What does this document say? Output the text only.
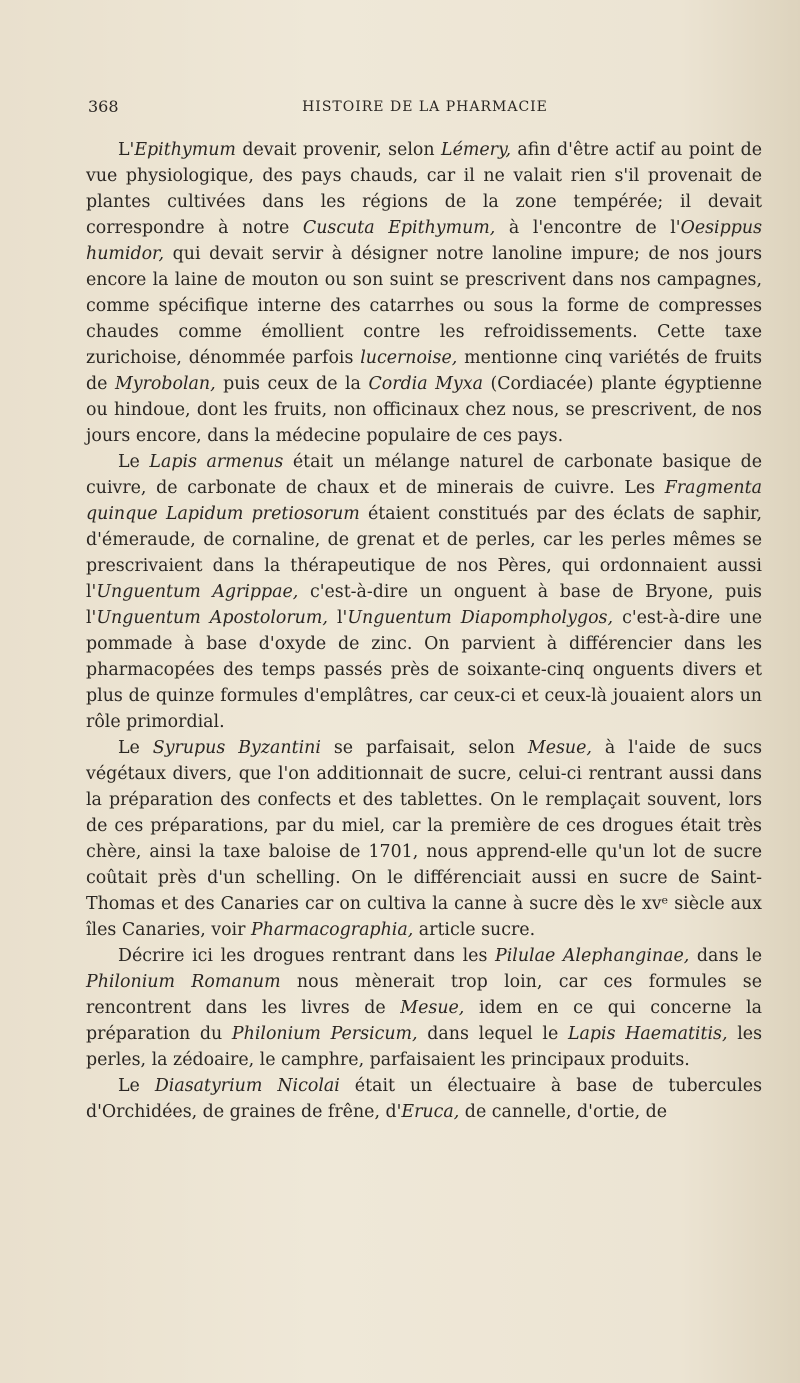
368	HISTOIRE DE LA PHARMACIE

L'Epithymum devait provenir, selon Lémery, afin d'être actif au point de vue physiologique, des pays chauds, car il ne valait rien s'il provenait de plantes cultivées dans les régions de la zone tempérée; il devait correspondre à notre Cuscuta Epithymum, à l'encontre de l'Oesippus humidor, qui devait servir à désigner notre lanoline impure; de nos jours encore la laine de mouton ou son suint se prescrivent dans nos campagnes, comme spécifique interne des catarrhes ou sous la forme de compresses chaudes comme émollient contre les refroidissements. Cette taxe zurichoise, dénommée parfois lucernoise, mentionne cinq variétés de fruits de Myrobolan, puis ceux de la Cordia Myxa (Cordiacée) plante égyptienne ou hindoue, dont les fruits, non officinaux chez nous, se prescrivent, de nos jours encore, dans la médecine populaire de ces pays.

Le Lapis armenus était un mélange naturel de carbonate basique de cuivre, de carbonate de chaux et de minerais de cuivre. Les Fragmenta quinque Lapidum pretiosorum étaient constitués par des éclats de saphir, d'émeraude, de cornaline, de grenat et de perles, car les perles mêmes se prescrivaient dans la thérapeutique de nos Pères, qui ordonnaient aussi l'Unguentum Agrippae, c'est-à-dire un onguent à base de Bryone, puis l'Unguentum Apostolorum, l'Unguentum Diapompholygos, c'est-à-dire une pommade à base d'oxyde de zinc. On parvient à différencier dans les pharmacopées des temps passés près de soixante-cinq onguents divers et plus de quinze formules d'emplâtres, car ceux-ci et ceux-là jouaient alors un rôle primordial.

Le Syrupus Byzantini se parfaisait, selon Mesue, à l'aide de sucs végétaux divers, que l'on additionnait de sucre, celui-ci rentrant aussi dans la préparation des confects et des tablettes. On le remplaçait souvent, lors de ces préparations, par du miel, car la première de ces drogues était très chère, ainsi la taxe baloise de 1701, nous apprend-elle qu'un lot de sucre coûtait près d'un schelling. On le différenciait aussi en sucre de Saint-Thomas et des Canaries car on cultiva la canne à sucre dès le xvᵉ siècle aux îles Canaries, voir Pharmacographia, article sucre.

Décrire ici les drogues rentrant dans les Pilulae Alephanginae, dans le Philonium Romanum nous mènerait trop loin, car ces formules se rencontrent dans les livres de Mesue, idem en ce qui concerne la préparation du Philonium Persicum, dans lequel le Lapis Haematitis, les perles, la zédoaire, le camphre, parfaisaient les principaux produits.

Le Diasatyrium Nicolai était un électuaire à base de tubercules d'Orchidées, de graines de frêne, d'Eruca, de cannelle, d'ortie, de
